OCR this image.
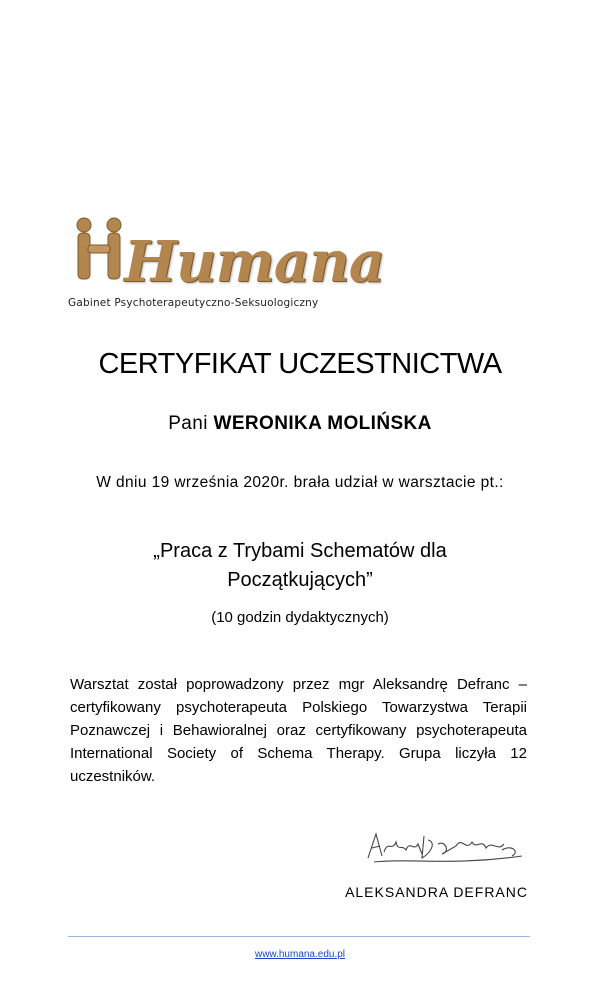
Humana
Gabinet Psychoterapeutyczno-Seksuologiczny
CERTYFIKAT UCZESTNICTWA
Pani WERONIKA MOLIŃSKA
W dniu 19 września 2020r. brała udział w warsztacie pt.:
„Praca z Trybami Schematów dla
Początkujących”
(10 godzin dydaktycznych)
Warsztat został poprowadzony przez mgr Aleksandrę Defranc – certyfikowany psychoterapeuta Polskiego Towarzystwa Terapii Poznawczej i Behawioralnej oraz certyfikowany psychoterapeuta International Society of Schema Therapy. Grupa liczyła 12 uczestników.
ALEKSANDRA DEFRANC
www.humana.edu.pl
